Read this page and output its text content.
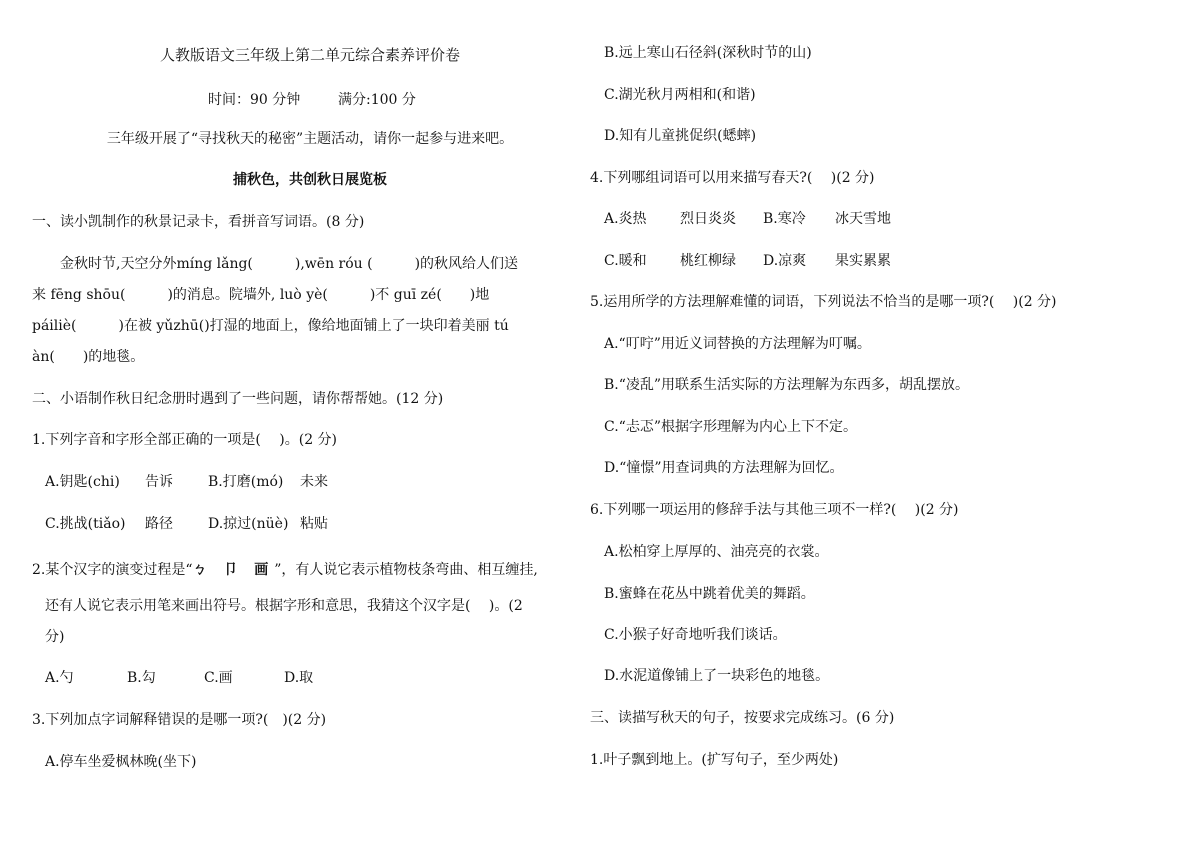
人教版语文三年级上第二单元综合素养评价卷
时间：90 分钟	满分:100 分
三年级开展了“寻找秋天的秘密”主题活动，请你一起参与进来吧。
捕秋色，共创秋日展览板
一、读小凯制作的秋景记录卡，看拼音写词语。(8 分)
金秋时节,天空分外míng lǎng(　　　),wēn róu (　　　)的秋风给人们送
来 fēng shōu(　　　)的消息。院墙外, luò yè(　　　)不 guī zé(　　)地
páiliè(　　　)在被 yǔzhū()打湿的地面上，像给地面铺上了一块印着美丽 tú
àn(　　)的地毯。
二、小语制作秋日纪念册时遇到了一些问题，请你帮帮她。(12 分)
1.下列字音和字形全部正确的一项是(　 )。(2 分)
A.钥匙(chi) 告诉	B.打磨(mó) 未来
C.挑战(tiǎo) 路径	D.掠过(nüè) 粘贴
2.某个汉字的演变过程是“ㄅ 卩 画”，有人说它表示植物枝条弯曲、相互缠挂,
还有人说它表示用笔来画出符号。根据字形和意思，我猜这个汉字是(　 )。(2
分)
A.勺	B.勾	C.画	D.取
3.下列加点字词解释错误的是哪一项?(　)(2 分)
A.停车坐爱枫林晚(坐下)
B.远上寒山石径斜(深秋时节的山)
C.湖光秋月两相和(和谐)
D.知有儿童挑促织(蟋蟀)
4.下列哪组词语可以用来描写春天?(　 )(2 分)
A.炎热 烈日炎炎 B.寒冷 冰天雪地
C.暖和 桃红柳绿 D.凉爽 果实累累
5.运用所学的方法理解难懂的词语，下列说法不恰当的是哪一项?(　 )(2 分)
A.“叮咛”用近义词替换的方法理解为叮嘱。
B.“凌乱”用联系生活实际的方法理解为东西多，胡乱摆放。
C.“忐忑”根据字形理解为内心上下不定。
D.“憧憬”用查词典的方法理解为回忆。
6.下列哪一项运用的修辞手法与其他三项不一样?(　 )(2 分)
A.松柏穿上厚厚的、油亮亮的衣裳。
B.蜜蜂在花丛中跳着优美的舞蹈。
C.小猴子好奇地听我们谈话。
D.水泥道像铺上了一块彩色的地毯。
三、读描写秋天的句子，按要求完成练习。(6 分)
1.叶子飘到地上。(扩写句子，至少两处)
